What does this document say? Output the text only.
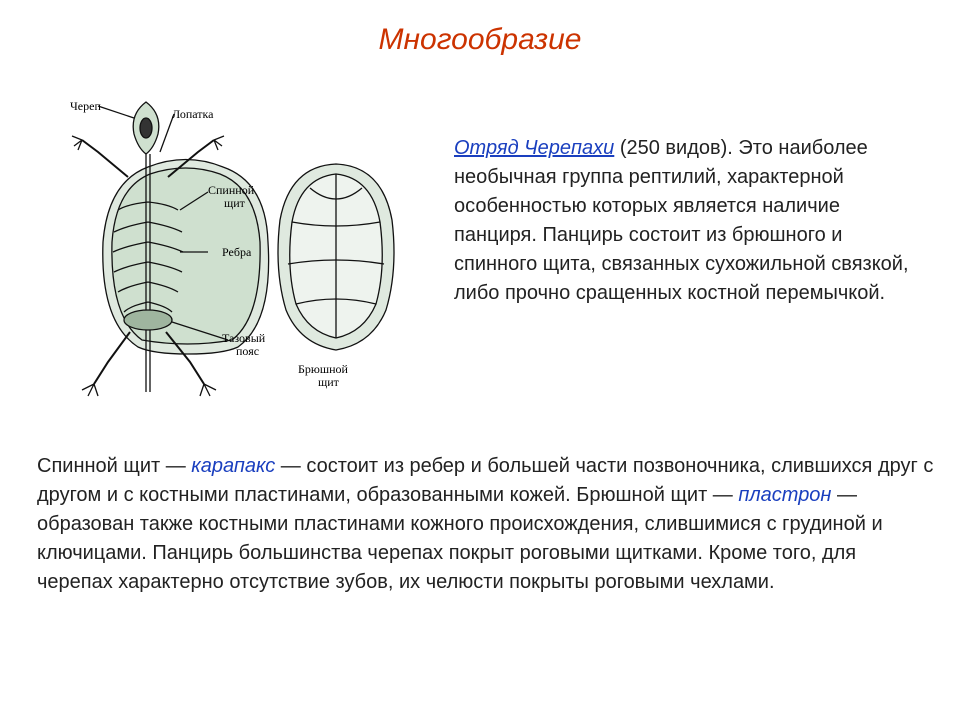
Многообразие
Череп
Лопатка
Спинной
щит
Ребра
Тазовый
пояс
Брюшной
щит
Отряд Черепахи (250 видов). Это наиболее необычная группа рептилий, характерной особенностью которых является наличие панциря. Панцирь состоит из брюшного и спинного щита, связанных сухожильной связкой, либо прочно сращенных костной перемычкой.
Спинной щит — карапакс — состоит из ребер и большей части позвоночника, слившихся друг с другом и с костными пластинами, образованными кожей. Брюшной щит — пластрон — образован также костными пластинами кожного происхождения, слившимися с грудиной и ключицами. Панцирь большинства черепах покрыт роговыми щитками. Кроме того, для черепах характерно отсутствие зубов, их челюсти покрыты роговыми чехлами.
